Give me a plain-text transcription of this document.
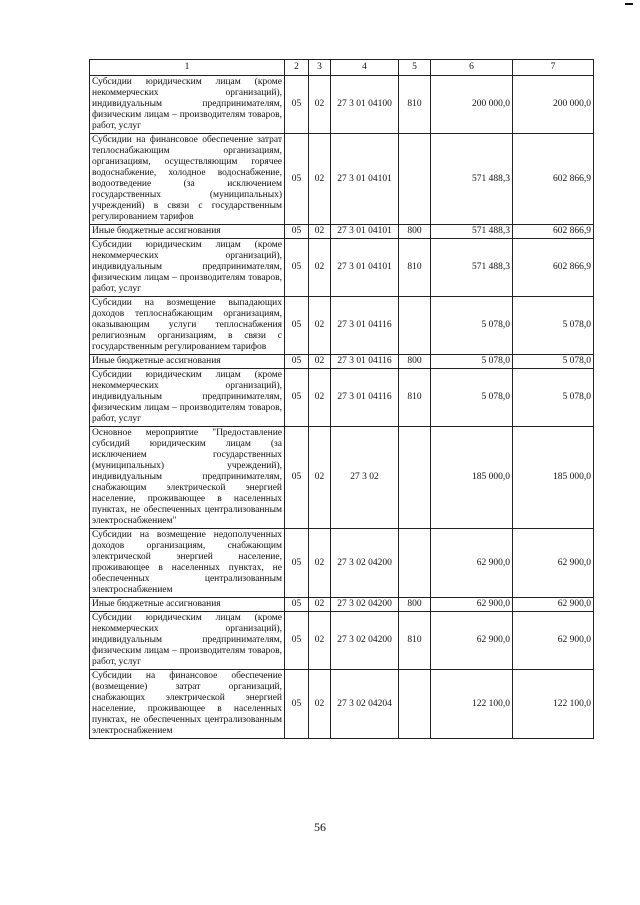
1	2	3	4	5	6	7
Субсидии юридическим лицам (кроме некоммерческих организаций), индивидуальным предпринимателям, физическим лицам – производителям товаров, работ, услуг	05	02	27 3 01 04100	810	200 000,0	200 000,0
Субсидии на финансовое обеспечение затрат теплоснабжающим организациям, организациям, осуществляющим горячее водоснабжение, холодное водоснабжение, водоотведение (за исключением государственных (муниципальных) учреждений) в связи с государственным регулированием тарифов	05	02	27 3 01 04101		571 488,3	602 866,9
Иные бюджетные ассигнования	05	02	27 3 01 04101	800	571 488,3	602 866,9
Субсидии юридическим лицам (кроме некоммерческих организаций), индивидуальным предпринимателям, физическим лицам – производителям товаров, работ, услуг	05	02	27 3 01 04101	810	571 488,3	602 866,9
Субсидии на возмещение выпадающих доходов теплоснабжающим организациям, оказывающим услуги теплоснабжения религиозным организациям, в связи с государственным регулированием тарифов	05	02	27 3 01 04116		5 078,0	5 078,0
Иные бюджетные ассигнования	05	02	27 3 01 04116	800	5 078,0	5 078,0
Субсидии юридическим лицам (кроме некоммерческих организаций), индивидуальным предпринимателям, физическим лицам – производителям товаров, работ, услуг	05	02	27 3 01 04116	810	5 078,0	5 078,0
Основное мероприятие "Предоставление субсидий юридическим лицам (за исключением государственных (муниципальных) учреждений), индивидуальным предпринимателям, снабжающим электрической энергией население, проживающее в населенных пунктах, не обеспеченных централизованным электроснабжением"	05	02	27 3 02		185 000,0	185 000,0
Субсидии на возмещение недополученных доходов организациям, снабжающим электрической энергией население, проживающее в населенных пунктах, не обеспеченных централизованным электроснабжением	05	02	27 3 02 04200		62 900,0	62 900,0
Иные бюджетные ассигнования	05	02	27 3 02 04200	800	62 900,0	62 900,0
Субсидии юридическим лицам (кроме некоммерческих организаций), индивидуальным предпринимателям, физическим лицам – производителям товаров, работ, услуг	05	02	27 3 02 04200	810	62 900,0	62 900,0
Субсидии на финансовое обеспечение (возмещение) затрат организаций, снабжающих электрической энергией население, проживающее в населенных пунктах, не обеспеченных централизованным электроснабжением	05	02	27 3 02 04204		122 100,0	122 100,0
56
